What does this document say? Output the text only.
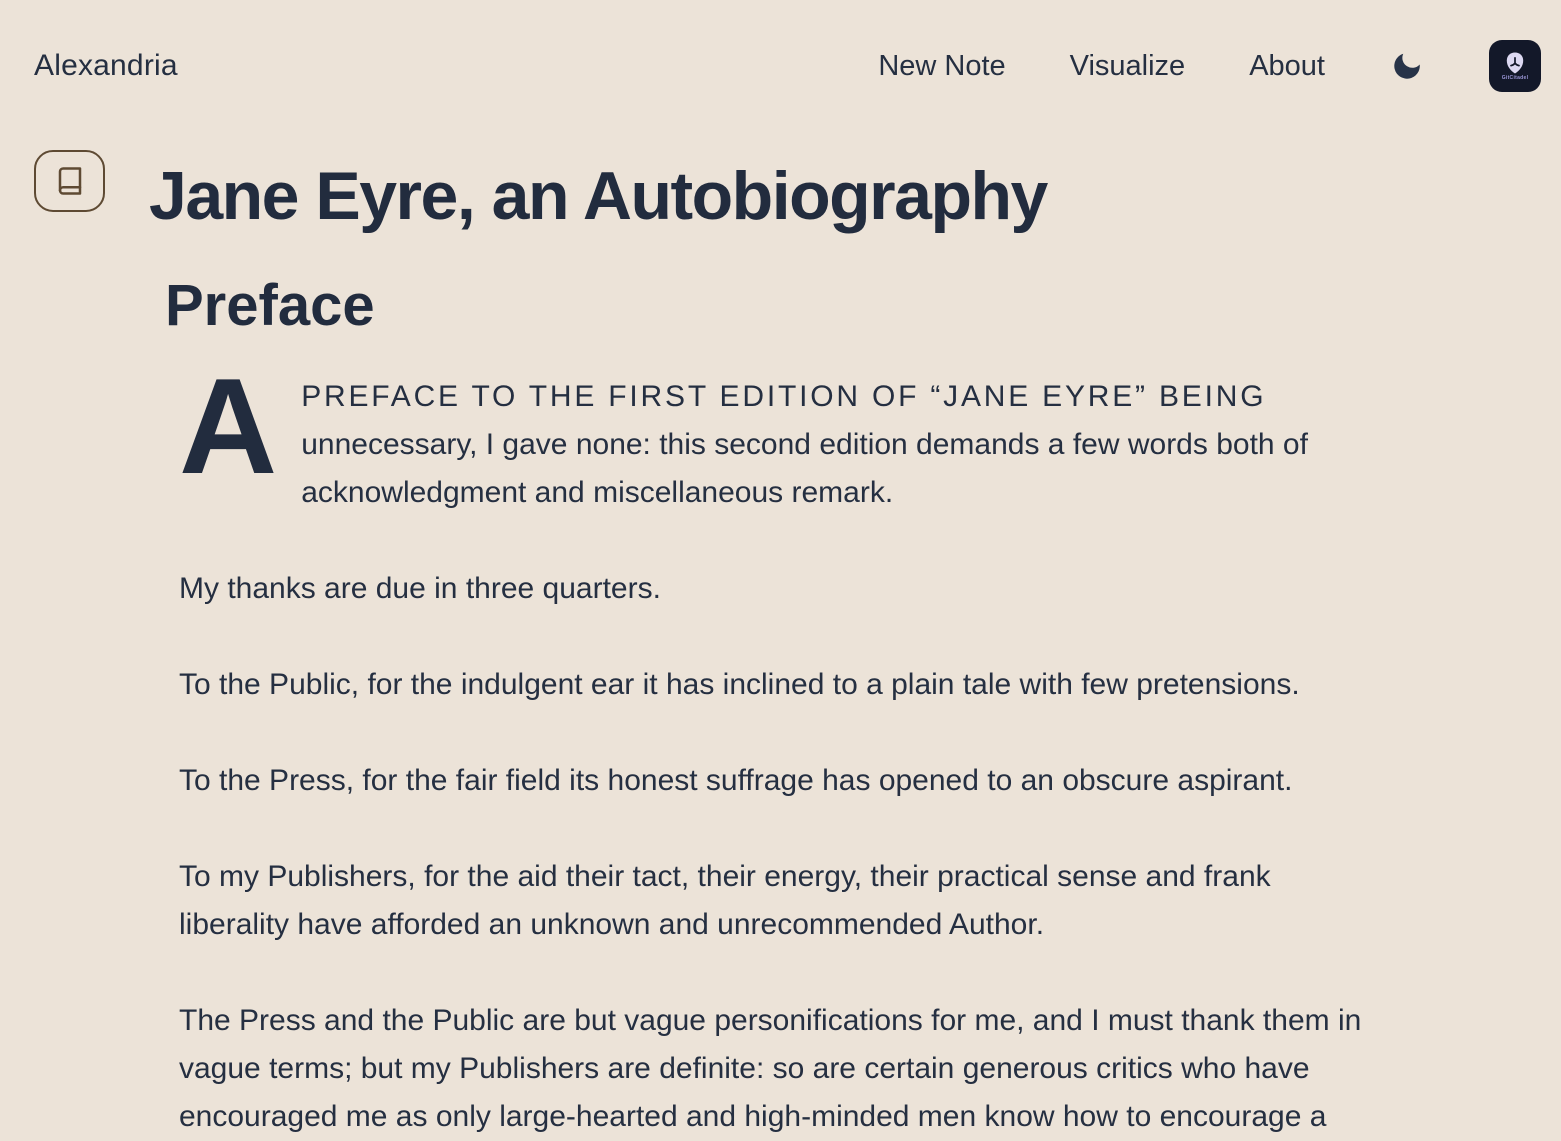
Alexandria	New Note Visualize About	GitCitadel
Jane Eyre, an Autobiography
Preface

A PREFACE TO THE FIRST EDITION OF “JANE EYRE” BEING
unnecessary, I gave none: this second edition demands a few words both of acknowledgment and miscellaneous remark.

My thanks are due in three quarters.

To the Public, for the indulgent ear it has inclined to a plain tale with few pretensions.

To the Press, for the fair field its honest suffrage has opened to an obscure aspirant.

To my Publishers, for the aid their tact, their energy, their practical sense and frank liberality have afforded an unknown and unrecommended Author.

The Press and the Public are but vague personifications for me, and I must thank them in vague terms; but my Publishers are definite: so are certain generous critics who have encouraged me as only large-hearted and high-minded men know how to encourage a
